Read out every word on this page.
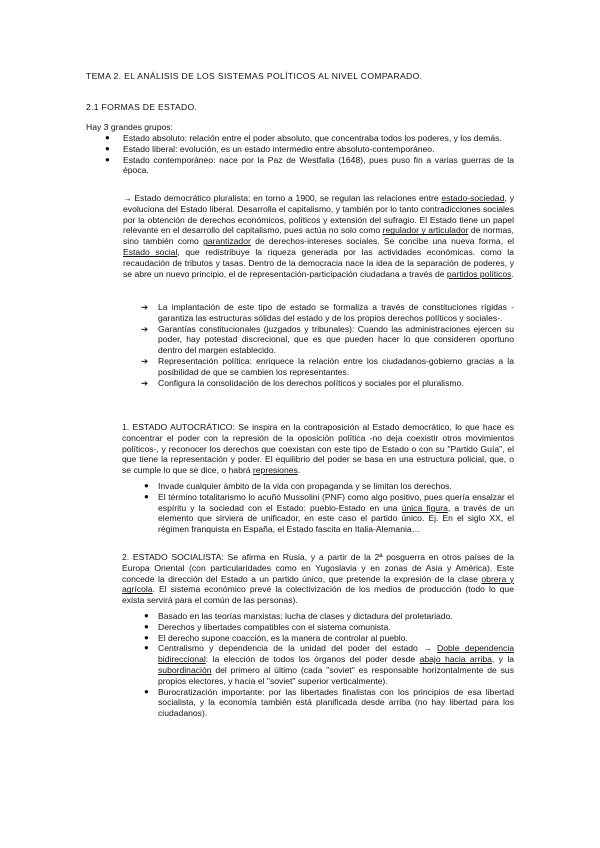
TEMA 2. EL ANÁLISIS DE LOS SISTEMAS POLÍTICOS AL NIVEL COMPARADO.
2.1 FORMAS DE ESTADO.
Hay 3 grandes grupos:
● Estado absoluto: relación entre el poder absoluto, que concentraba todos los poderes, y los demás.
● Estado liberal: evolución, es un estado intermedio entre absoluto-contemporáneo.
● Estado contemporáneo: nace por la Paz de Westfalia (1648), pues puso fin a varias guerras de la época.
→ Estado democrático pluralista: en torno a 1900, se regulan las relaciones entre estado-sociedad, y evoluciona del Estado liberal. Desarrolla el capitalismo, y también por lo tanto contradicciones sociales por la obtención de derechos económicos, políticos y extensión del sufragio. El Estado tiene un papel relevante en el desarrollo del capitalismo, pues actúa no solo como regulador y articulador de normas, sino también como garantizador de derechos-intereses sociales. Se concibe una nueva forma, el Estado social, que redistribuye la riqueza generada por las actividades económicas. como la recaudación de tributos y tasas. Dentro de la democracia nace la idea de la separación de poderes, y se abre un nuevo principio, el de representación-participación ciudadana a través de partidos políticos.
➔ La implantación de este tipo de estado se formaliza a través de constituciones rígidas -garantiza las estructuras sólidas del estado y de los propios derechos políticos y sociales-.
➔ Garantías constitucionales (juzgados y tribunales): Cuando las administraciones ejercen su poder, hay potestad discrecional, que es que pueden hacer lo que consideren oportuno dentro del margen establecido.
➔ Representación política: enriquece la relación entre los ciudadanos-gobierno gracias a la posibilidad de que se cambien los representantes.
➔ Configura la consolidación de los derechos políticos y sociales por el pluralismo.
1. ESTADO AUTOCRÁTICO: Se inspira en la contraposición al Estado democrático, lo que hace es concentrar el poder con la represión de la oposición política -no deja coexistir otros movimientos políticos-, y reconocer los derechos que coexistan con este tipo de Estado o con su "Partido Guía", el que tiene la representación y poder. El equilibrio del poder se basa en una estructura policial, que, o se cumple lo que se dice, o habrá represiones.
● Invade cualquier ámbito de la vida con propaganda y se limitan los derechos.
● El término totalitarismo lo acuñó Mussolini (PNF) como algo positivo, pues quería ensalzar el espíritu y la sociedad con el Estado: pueblo-Estado en una única figura, a través de un elemento que sirviera de unificador, en este caso el partido único. Ej. En el siglo XX, el régimen franquista en España, el Estado fascita en Italia-Alemania…
2. ESTADO SOCIALISTA: Se afirma en Rusia, y a partir de la 2ª posguerra en otros países de la Europa Oriental (con particularidades como en Yugoslavia y en zonas de Asia y América). Este concede la dirección del Estado a un partido único, que pretende la expresión de la clase obrera y agrícola. El sistema económico prevé la colectivización de los medios de producción (todo lo que exista servirá para el común de las personas).
● Basado en las teorías marxistas: lucha de clases y dictadura del proletariado.
● Derechos y libertades compatibles con el sistema comunista.
● El derecho supone coacción, es la manera de controlar al pueblo.
● Centralismo y dependencia de la unidad del poder del estado → Doble dependencia bidireccional: la elección de todos los órganos del poder desde abajo hacia arriba, y la subordinación del primero al último (cada "soviet" es responsable horizontalmente de sus propios electores, y hacia el "soviet" superior verticalmente).
● Burocratización importante: por las libertades finalistas con los principios de esa libertad socialista, y la economía también está planificada desde arriba (no hay libertad para los ciudadanos).
